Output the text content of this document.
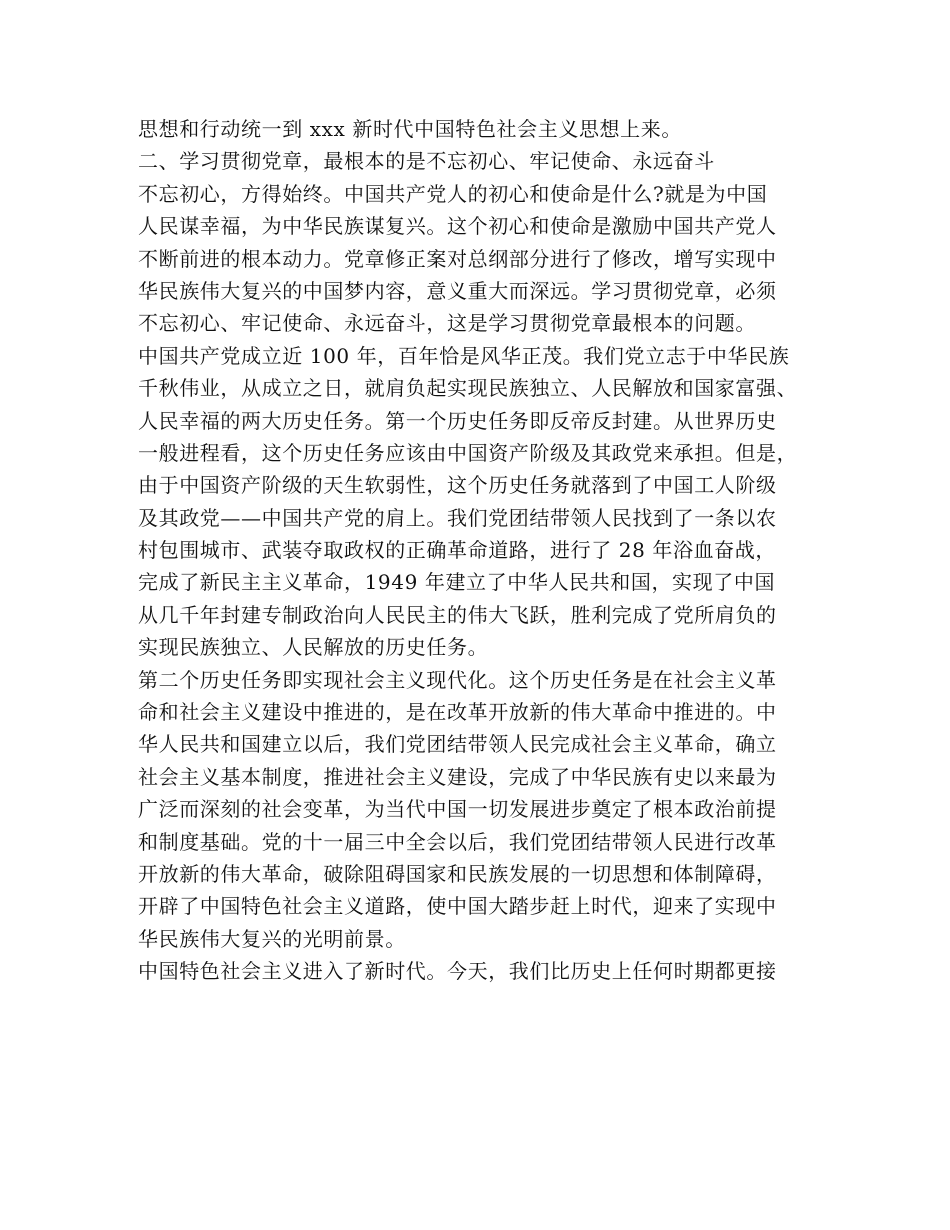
思想和行动统一到 xxx 新时代中国特色社会主义思想上来。
二、学习贯彻党章，最根本的是不忘初心、牢记使命、永远奋斗
不忘初心，方得始终。中国共产党人的初心和使命是什么?就是为中国
人民谋幸福，为中华民族谋复兴。这个初心和使命是激励中国共产党人
不断前进的根本动力。党章修正案对总纲部分进行了修改，增写实现中
华民族伟大复兴的中国梦内容，意义重大而深远。学习贯彻党章，必须
不忘初心、牢记使命、永远奋斗，这是学习贯彻党章最根本的问题。
中国共产党成立近 100 年，百年恰是风华正茂。我们党立志于中华民族
千秋伟业，从成立之日，就肩负起实现民族独立、人民解放和国家富强、
人民幸福的两大历史任务。第一个历史任务即反帝反封建。从世界历史
一般进程看，这个历史任务应该由中国资产阶级及其政党来承担。但是，
由于中国资产阶级的天生软弱性，这个历史任务就落到了中国工人阶级
及其政党——中国共产党的肩上。我们党团结带领人民找到了一条以农
村包围城市、武装夺取政权的正确革命道路，进行了 28 年浴血奋战，
完成了新民主主义革命，1949 年建立了中华人民共和国，实现了中国
从几千年封建专制政治向人民民主的伟大飞跃，胜利完成了党所肩负的
实现民族独立、人民解放的历史任务。
第二个历史任务即实现社会主义现代化。这个历史任务是在社会主义革
命和社会主义建设中推进的，是在改革开放新的伟大革命中推进的。中
华人民共和国建立以后，我们党团结带领人民完成社会主义革命，确立
社会主义基本制度，推进社会主义建设，完成了中华民族有史以来最为
广泛而深刻的社会变革，为当代中国一切发展进步奠定了根本政治前提
和制度基础。党的十一届三中全会以后，我们党团结带领人民进行改革
开放新的伟大革命，破除阻碍国家和民族发展的一切思想和体制障碍，
开辟了中国特色社会主义道路，使中国大踏步赶上时代，迎来了实现中
华民族伟大复兴的光明前景。
中国特色社会主义进入了新时代。今天，我们比历史上任何时期都更接
